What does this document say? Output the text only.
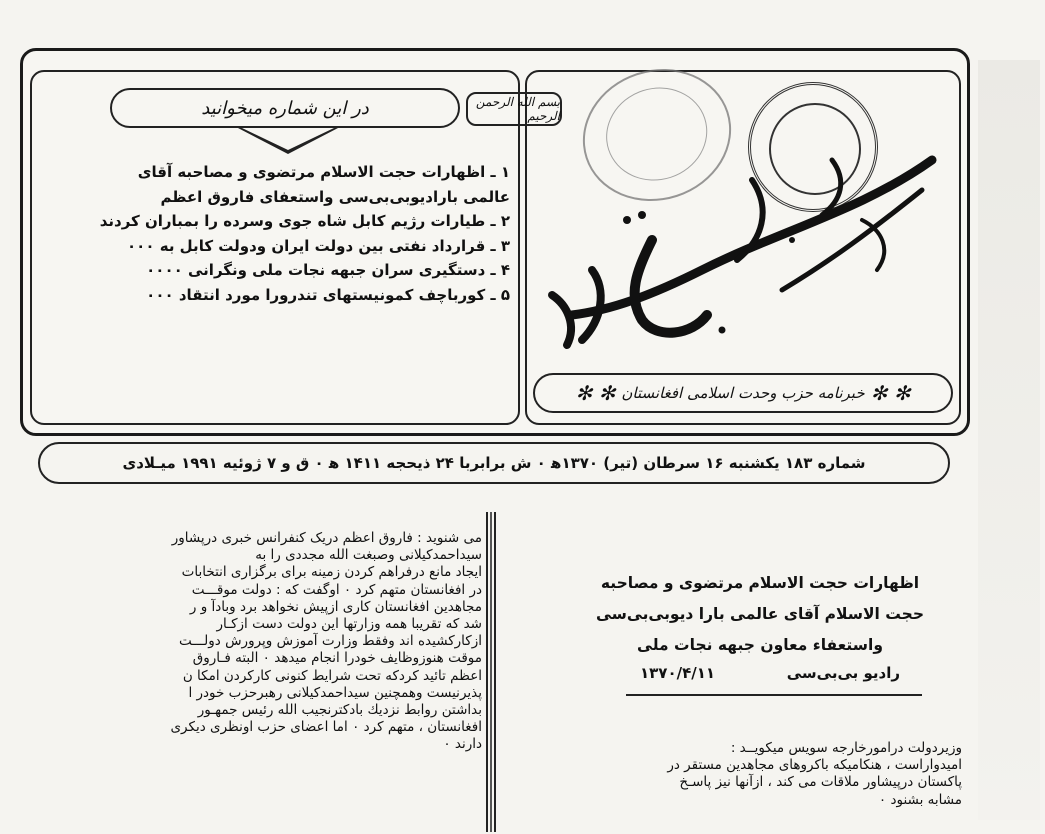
✻ ✻
خبرنامه حزب وحدت اسلامی افغانستان
✻ ✻
بسم الله الرحمن الرحیم
در این شماره میخوانید
۱ ـ اظهارات حجت الاسلام مرتضوی و مصاحبه آقای
عالمی بارادیوبی‌بی‌سی واستعفای فاروق اعظم
۲ ـ طیارات رژیم کابل شاه جوی وسرده را بمباران کردند
۳ ـ قرارداد نفتی بین دولت ایران ودولت کابل به ۰۰۰
۴ ـ دستگیری سران جبهه نجات ملی ونگرانی ۰۰۰۰
۵ ـ کورباچف کمونیستهای تندرورا مورد انتقاد ۰۰۰
شماره ۱۸۳ یکشنبه ۱۶ سرطان (تیر) ۱۳۷۰ه‍ ۰ ش برابربا ۲۴ ذیحجه ۱۴۱۱ ه‍ ۰ ق و ۷ ژوئیه ۱۹۹۱ میـلادی

می شنوید : فاروق اعظم دریک کنفرانس خبری درپشاور

سیداحمدکیلانی وصبغت الله مجددی را به

ایجاد مانع درفراهم کردن زمینه برای برگزاری انتخابات

در افغانستان متهم کرد ۰ اوگفت که : دولت موقـــت

مجاهدین افغانستان کاری ازپیش نخواهد برد وبادآ و ر

شد که تقریبا همه وزارتها این دولت دست ازکـار

ازکارکشیده اند وفقط وزارت آموزش وپرورش دولـــت

موقت هنوزوظایف خودرا انجام میدهد ۰ البته فـاروق

اعظم تائید کردکه تحت شرایط کنونی کارکردن امکا ن

پذیرنیست وهمچنین سیداحمدکیلانی رهبرحزب خودر ا

بداشتن روابط نزدیك بادكترنجیب الله رئیس جمهـور

افغانستان ، متهم کرد ۰ اما اعضای حزب اونظری دیکری

دارند ۰

اظهارات حجت الاسلام مرتضوی و مصاحبه
حجت الاسلام آقای عالمی بارا دیوبی‌بی‌سی
واستعفاء معاون جبهه نجات ملی
رادیو بی‌بی‌سی
۱۳۷۰/۴/۱۱

وزیردولت درامورخارجه سویس میکویــد :

امیدواراست ، هنکامیکه باکروهای مجاهدین مستقر در

پاکستان درپیشاور ملاقات می کند ، ازآنها نیز پاسـخ

مشابه بشنود ۰
